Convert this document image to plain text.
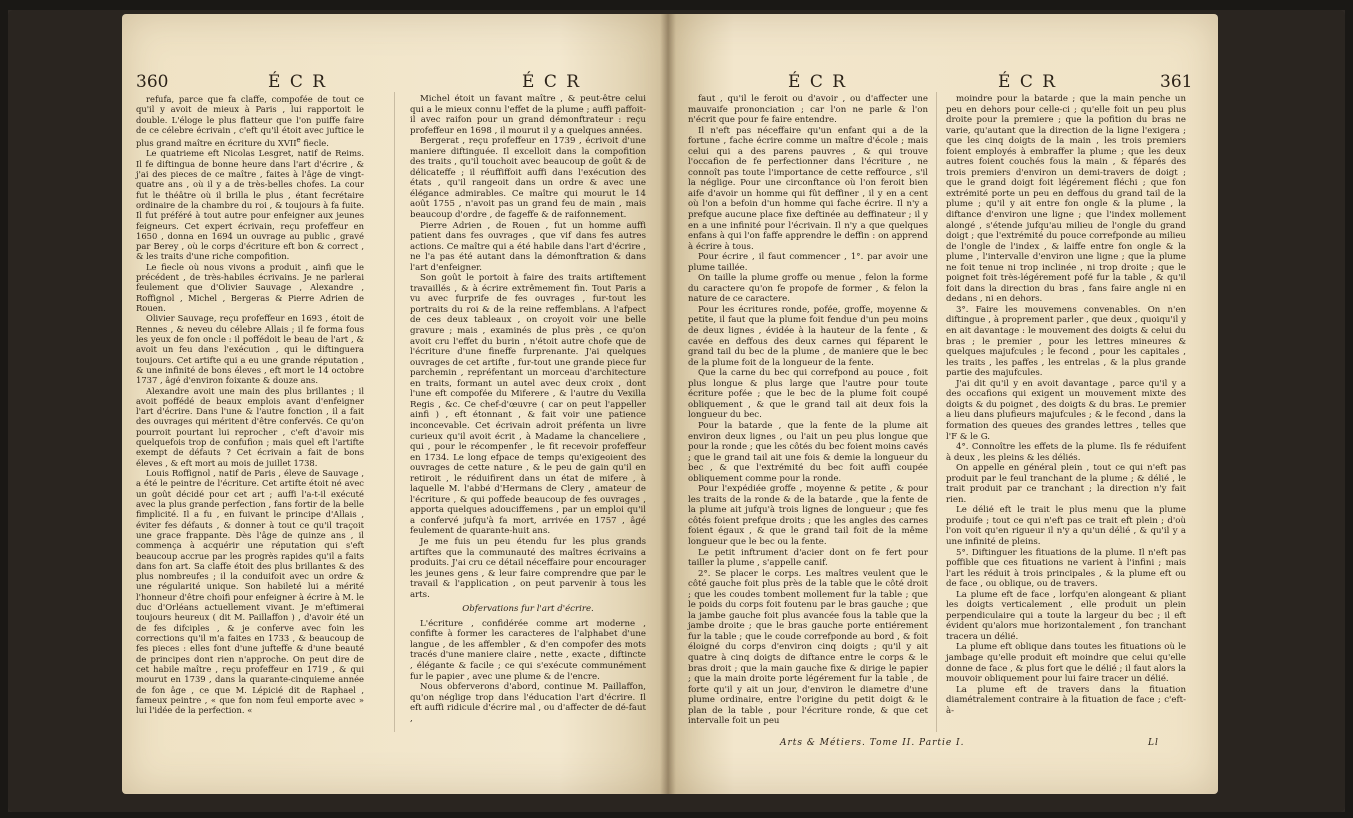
360	É C R	É C R

refufa, parce que fa claffe, compofée de tout ce qu'il y avoit de mieux à Paris , lui rapportoit le double. L'éloge le plus flatteur que l'on puiffe faire de ce célebre écrivain , c'eft qu'il étoit avec juftice le plus grand maître en écriture du XVIIe fiecle.

Le quatrieme eft Nicolas Lesgret, natif de Reims. Il fe diftingua de bonne heure dans l'art d'écrire , & j'ai des pieces de ce maître , faites à l'âge de vingt-quatre ans , où il y a de très-belles chofes. La cour fut le théâtre où il brilla le plus , étant fecrétaire ordinaire de la chambre du roi , & toujours à fa fuite. Il fut préféré à tout autre pour enfeigner aux jeunes feigneurs. Cet expert écrivain, reçu profeffeur en 1650 , donna en 1694 un ouvrage au public , gravé par Berey , où le corps d'écriture eft bon & correct , & les traits d'une riche compofition.

Le fiecle où nous vivons a produit , ainfi que le précédent , de très-habiles écrivains. Je ne parlerai feulement que d'Olivier Sauvage , Alexandre , Roffignol , Michel , Bergeras & Pierre Adrien de Rouen.

Olivier Sauvage, reçu profeffeur en 1693 , étoit de Rennes , & neveu du célebre Allais ; il fe forma fous les yeux de fon oncle : il poffédoit le beau de l'art , & avoit un feu dans l'exécution , qui le diftinguera toujours. Cet artifte qui a eu une grande réputation , & une infinité de bons éleves , eft mort le 14 octobre 1737 , âgé d'environ foixante & douze ans.

Alexandre avoit une main des plus brillantes ; il avoit poffédé de beaux emplois avant d'enfeigner l'art d'écrire. Dans l'une & l'autre fonction , il a fait des ouvrages qui méritent d'être confervés. Ce qu'on pourroit pourtant lui reprocher , c'eft d'avoir mis quelquefois trop de confufion ; mais quel eft l'artifte exempt de défauts ? Cet écrivain a fait de bons éleves , & eft mort au mois de juillet 1738.

Louis Roffignol , natif de Paris , éleve de Sauvage , a été le peintre de l'écriture. Cet artifte étoit né avec un goût décidé pour cet art ; auffi l'a-t-il exécuté avec la plus grande perfection , fans fortir de la belle fimplicité. Il a fu , en fuivant le principe d'Allais , éviter fes défauts , & donner à tout ce qu'il traçoit une grace frappante. Dès l'âge de quinze ans , il commença à acquérir une réputation qui s'eft beaucoup accrue par les progrès rapides qu'il a faits dans fon art. Sa claffe étoit des plus brillantes & des plus nombreufes ; il la conduifoit avec un ordre & une régularité unique. Son habileté lui a mérité l'honneur d'être choifi pour enfeigner à écrire à M. le duc d'Orléans actuellement vivant. Je m'eftimerai toujours heureux ( dit M. Paillaffon ) , d'avoir été un de fes difciples , & je conferve avec foin les corrections qu'il m'a faites en 1733 , & beaucoup de fes pieces : elles font d'une jufteffe & d'une beauté de principes dont rien n'approche. On peut dire de cet habile maître , reçu profeffeur en 1719 , & qui mourut en 1739 , dans la quarante-cinquieme année de fon âge , ce que M. Lépicié dit de Raphael , fameux peintre , « que fon nom feul emporte avec » lui l'idée de la perfection. «

Michel étoit un favant maître , & peut-être celui qui a le mieux connu l'effet de la plume ; auffi paffoit-il avec raifon pour un grand démonftrateur : reçu profeffeur en 1698 , il mourut il y a quelques années.

Bergerat , reçu profeffeur en 1739 , écrivoit d'une maniere diftinguée. Il excelloit dans la compofition des traits , qu'il touchoit avec beaucoup de goût & de délicateffe ; il réuffiffoit auffi dans l'exécution des états , qu'il rangeoit dans un ordre & avec une élégance admirables. Ce maître qui mourut le 14 août 1755 , n'avoit pas un grand feu de main , mais beaucoup d'ordre , de fageffe & de raifonnement.

Pierre Adrien , de Rouen , fut un homme auffi patient dans fes ouvrages , que vif dans fes autres actions. Ce maître qui a été habile dans l'art d'écrire , ne l'a pas été autant dans la démonftration & dans l'art d'enfeigner.

Son goût le portoit à faire des traits artiftement travaillés , & à écrire extrêmement fin. Tout Paris a vu avec furprife de fes ouvrages , fur-tout les portraits du roi & de la reine reffemblans. A l'afpect de ces deux tableaux , on croyoit voir une belle gravure ; mais , examinés de plus près , ce qu'on avoit cru l'effet du burin , n'étoit autre chofe que de l'écriture d'une fineffe furprenante. J'ai quelques ouvrages de cet artifte , fur-tout une grande piece fur parchemin , repréfentant un morceau d'architecture en traits, formant un autel avec deux croix , dont l'une eft compofée du Miferere , & l'autre du Vexilla Regis , &c. Ce chef-d'œuvre ( car on peut l'appeller ainfi ) , eft étonnant , & fait voir une patience inconcevable. Cet écrivain adroit préfenta un livre curieux qu'il avoit écrit , à Madame la chanceliere , qui , pour le récompenfer , le fit recevoir profeffeur en 1734. Le long efpace de temps qu'exigeoient des ouvrages de cette nature , & le peu de gain qu'il en retiroit , le réduifirent dans un état de mifere , à laquelle M. l'abbé d'Hermans de Clery , amateur de l'écriture , & qui poffede beaucoup de fes ouvrages , apporta quelques adouciffemens , par un emploi qu'il a confervé jufqu'à fa mort, arrivée en 1757 , âgé feulement de quarante-huit ans.

Je me fuis un peu étendu fur les plus grands artiftes que la communauté des maîtres écrivains a produits. J'ai cru ce détail néceffaire pour encourager les jeunes gens , & leur faire comprendre que par le travail & l'application , on peut parvenir à tous les arts.

Obfervations fur l'art d'écrire.

L'écriture , confidérée comme art moderne , confifte à former les caracteres de l'alphabet d'une langue , de les affembler , & d'en compofer des mots tracés d'une maniere claire , nette , exacte , diftincte , élégante & facile ; ce qui s'exécute communément fur le papier , avec une plume & de l'encre.

Nous obferverons d'abord, continue M. Paillaffon, qu'on néglige trop dans l'éducation l'art d'écrire. Il eft auffi ridicule d'écrire mal , ou d'affecter de dé-faut ,

É C R	É C R	361

faut , qu'il le feroit ou d'avoir , ou d'affecter une mauvaife prononciation ; car l'on ne parle & l'on n'écrit que pour fe faire entendre.

Il n'eft pas néceffaire qu'un enfant qui a de la fortune , fache écrire comme un maître d'école ; mais celui qui a des parens pauvres , & qui trouve l'occafion de fe perfectionner dans l'écriture , ne connoît pas toute l'importance de cette reffource , s'il la néglige. Pour une circonftance où l'on feroit bien aife d'avoir un homme qui fût deffiner , il y en a cent où l'on a befoin d'un homme qui fache écrire. Il n'y a prefque aucune place fixe deftinée au deffinateur ; il y en a une infinité pour l'écrivain. Il n'y a que quelques enfans à qui l'on faffe apprendre le deffin : on apprend à écrire à tous.

Pour écrire , il faut commencer , 1°. par avoir une plume taillée.

On taille la plume groffe ou menue , felon la forme du caractere qu'on fe propofe de former , & felon la nature de ce caractere.

Pour les écritures ronde, pofée, groffe, moyenne & petite, il faut que la plume foit fendue d'un peu moins de deux lignes , évidée à la hauteur de la fente , & cavée en deffous des deux carnes qui féparent le grand tail du bec de la plume , de maniere que le bec de la plume foit de la longueur de la fente.

Que la carne du bec qui correfpond au pouce , foit plus longue & plus large que l'autre pour toute écriture pofée ; que le bec de la plume foit coupé obliquement , & que le grand tail ait deux fois la longueur du bec.

Pour la batarde , que la fente de la plume ait environ deux lignes , ou l'ait un peu plus longue que pour la ronde ; que les côtés du bec foient moins cavés ; que le grand tail ait une fois & demie la longueur du bec , & que l'extrémité du bec foit auffi coupée obliquement comme pour la ronde.

Pour l'expédiée groffe , moyenne & petite , & pour les traits de la ronde & de la batarde , que la fente de la plume ait jufqu'à trois lignes de longueur ; que fes côtés foient prefque droits ; que les angles des carnes foient égaux , & que le grand tail foit de la même longueur que le bec ou la fente.

Le petit inftrument d'acier dont on fe fert pour tailler la plume , s'appelle canif.

2°. Se placer le corps. Les maîtres veulent que le côté gauche foit plus près de la table que le côté droit ; que les coudes tombent mollement fur la table ; que le poids du corps foit foutenu par le bras gauche ; que la jambe gauche foit plus avancée fous la table que la jambe droite ; que le bras gauche porte entiérement fur la table ; que le coude correfponde au bord , & foit éloigné du corps d'environ cinq doigts ; qu'il y ait quatre à cinq doigts de diftance entre le corps & le bras droit ; que la main gauche fixe & dirige le papier ; que la main droite porte légérement fur la table , de forte qu'il y ait un jour, d'environ le diametre d'une plume ordinaire, entre l'origine du petit doigt & le plan de la table , pour l'écriture ronde, & que cet intervalle foit un peu

moindre pour la batarde ; que la main penche un peu en dehors pour celle-ci ; qu'elle foit un peu plus droite pour la premiere ; que la pofition du bras ne varie, qu'autant que la direction de la ligne l'exigera ; que les cinq doigts de la main , les trois premiers foient employés à embraffer la plume ; que les deux autres foient couchés fous la main , & féparés des trois premiers d'environ un demi-travers de doigt ; que le grand doigt foit légérement fléchi ; que fon extrémité porte un peu en deffous du grand tail de la plume ; qu'il y ait entre fon ongle & la plume , la diftance d'environ une ligne ; que l'index mollement alongé , s'étende jufqu'au milieu de l'ongle du grand doigt ; que l'extrémité du pouce correfponde au milieu de l'ongle de l'index , & laiffe entre fon ongle & la plume , l'intervalle d'environ une ligne ; que la plume ne foit tenue ni trop inclinée , ni trop droite ; que le poignet foit très-légérement pofé fur la table , & qu'il foit dans la direction du bras , fans faire angle ni en dedans , ni en dehors.

3°. Faire les mouvemens convenables. On n'en diftingue , à proprement parler , que deux , quoiqu'il y en ait davantage : le mouvement des doigts & celui du bras ; le premier , pour les lettres mineures & quelques majufcules ; le fecond , pour les capitales , les traits , les paffes , les entrelas , & la plus grande partie des majufcules.

J'ai dit qu'il y en avoit davantage , parce qu'il y a des occafions qui exigent un mouvement mixte des doigts & du poignet , des doigts & du bras. Le premier a lieu dans plufieurs majufcules ; & le fecond , dans la formation des queues des grandes lettres , telles que l'F & le G.

4°. Connoître les effets de la plume. Ils fe réduifent à deux , les pleins & les déliés.

On appelle en général plein , tout ce qui n'eft pas produit par le feul tranchant de la plume ; & délié , le trait produit par ce tranchant ; la direction n'y fait rien.

Le délié eft le trait le plus menu que la plume produife ; tout ce qui n'eft pas ce trait eft plein ; d'où l'on voit qu'en rigueur il n'y a qu'un délié , & qu'il y a une infinité de pleins.

5°. Diftinguer les fituations de la plume. Il n'eft pas poffible que ces fituations ne varient à l'infini ; mais l'art les réduit à trois principales , & la plume eft ou de face , ou oblique, ou de travers.

La plume eft de face , lorfqu'en alongeant & pliant les doigts verticalement , elle produit un plein perpendiculaire qui a toute la largeur du bec ; il eft évident qu'alors mue horizontalement , fon tranchant tracera un délié.

La plume eft oblique dans toutes les fituations où le jambage qu'elle produit eft moindre que celui qu'elle donne de face , & plus fort que le délié ; il faut alors la mouvoir obliquement pour lui faire tracer un délié.

La plume eft de travers dans la fituation diamétralement contraire à la fituation de face ; c'eft-à-

Arts & Métiers. Tome II. Partie I.	Ll
